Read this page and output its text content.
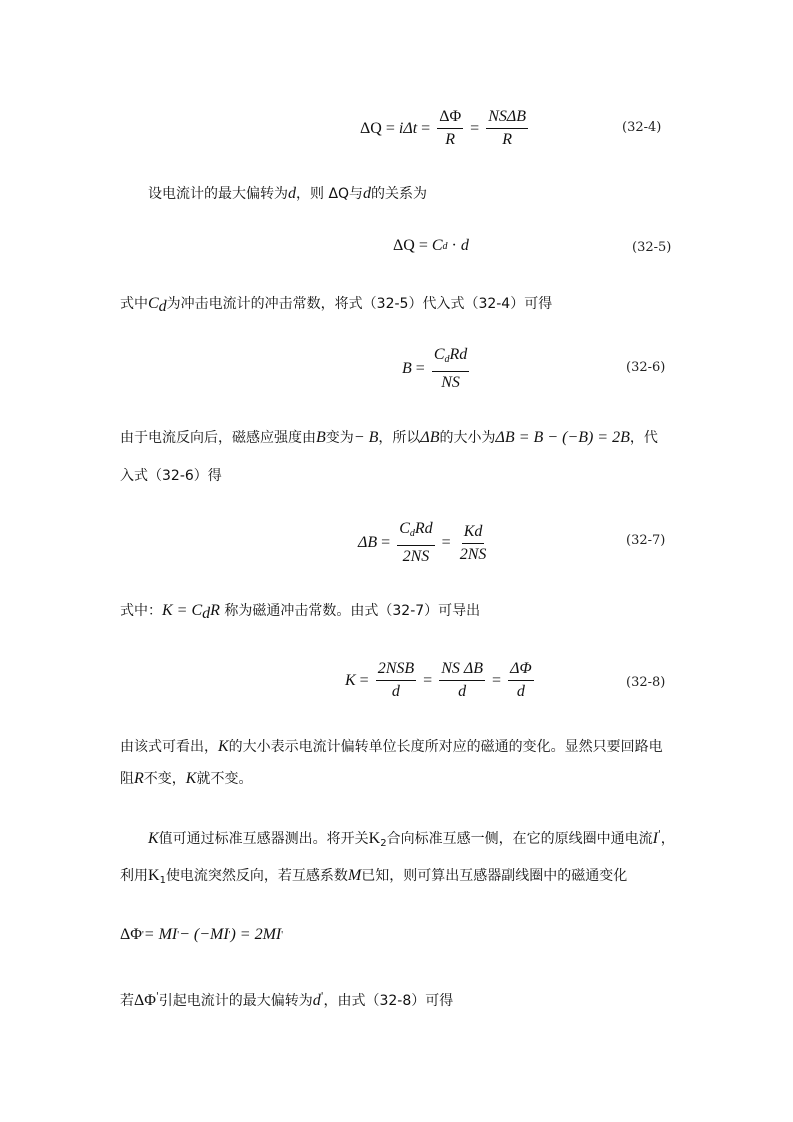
$\Delta Q = i\Delta t = \frac{\Delta\Phi}{R} = \frac{\text{NSΔB}}{R}$	(32-4)
设电流计的最大偏转为d，则 ΔQ与d的关系为
ΔQ = C d · d	(32-5)
式中$C_d$为冲击电流计的冲击常数，将式（32-5）代入式（32-4）可得
$B = \frac{C_dRd}{NS}$	(32-6)
由于电流反向后，磁感应强度由B变为− B，所以ΔB的大小为ΔB = B − (−B) = 2B，代
入式（32-6）得
$\Delta B = \frac{C_dRd}{2NS} = \frac{Kd}{2NS}$	(32-7)
式中：$K = C_dR$ 称为磁通冲击常数。由式（32-7）可导出
$K = \frac{\text{2NSB}}{d} = \frac{\text{NS ΔB}}{d} = \frac{\Delta\Phi}{d}$	(32-8)
由该式可看出，K的大小表示电流计偏转单位长度所对应的磁通的变化。显然只要回路电
阻R不变，K就不变。
K值可通过标准互感器测出。将开关$K_2$合向标准互感一侧，在它的原线圈中通电流I'，
利用$K_1$使电流突然反向，若互感系数M已知，则可算出互感器副线圈中的磁通变化
ΔΦ ' = MI ' − (−MI ' ) = 2MI '
若ΔΦ'引起电流计的最大偏转为d'，由式（32-8）可得
